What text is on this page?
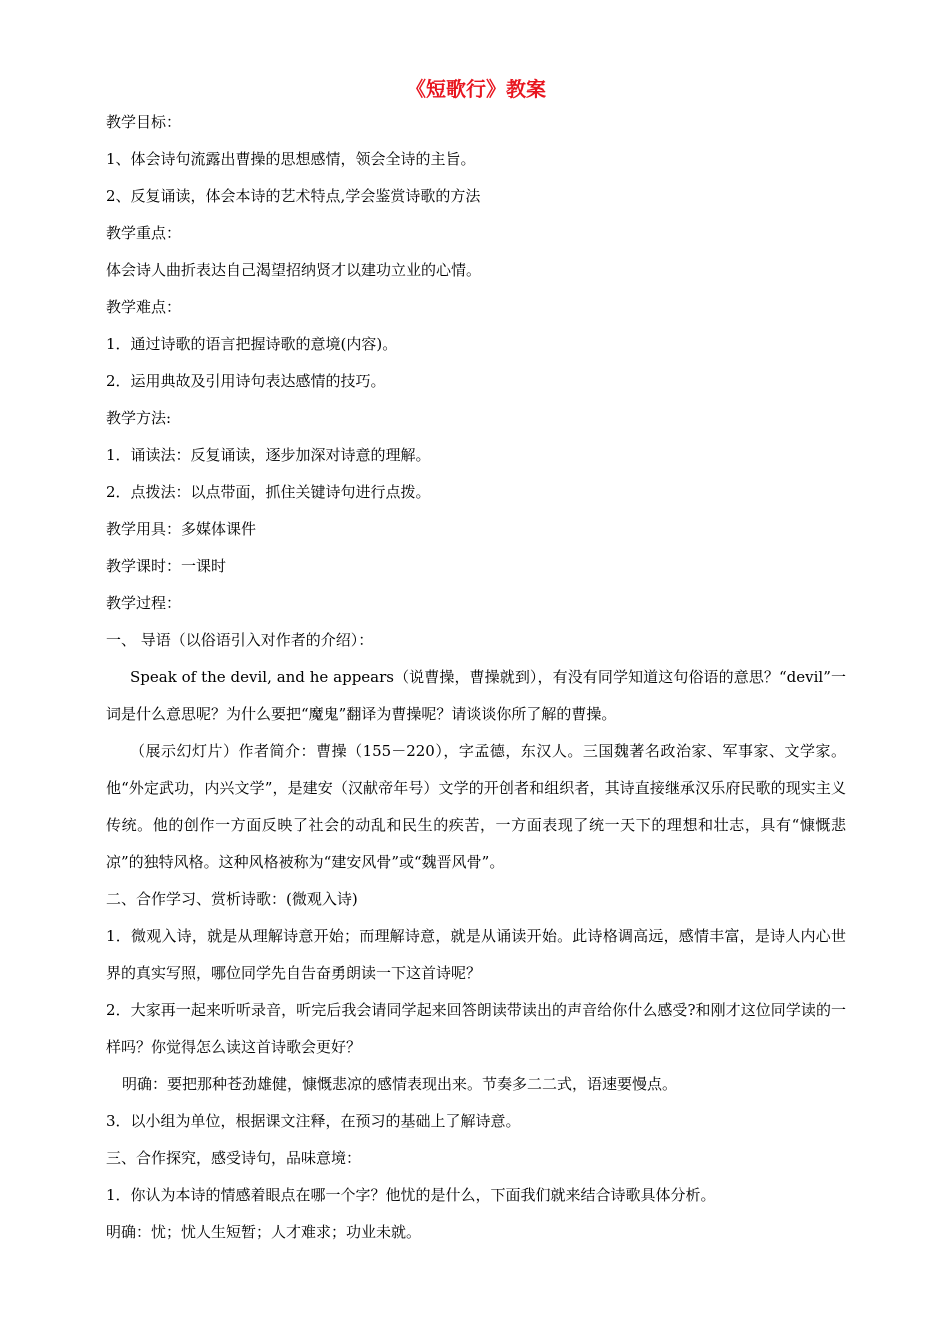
《短歌行》教案

教学目标：

1、体会诗句流露出曹操的思想感情，领会全诗的主旨。

2、反复诵读，体会本诗的艺术特点,学会鉴赏诗歌的方法

教学重点：

体会诗人曲折表达自己渴望招纳贤才以建功立业的心情。

教学难点：

1．通过诗歌的语言把握诗歌的意境(内容)。

2．运用典故及引用诗句表达感情的技巧。

教学方法:

1．诵读法：反复诵读，逐步加深对诗意的理解。

2．点拨法：以点带面，抓住关键诗句进行点拨。

教学用具：多媒体课件

教学课时：一课时

教学过程：

一、 导语（以俗语引入对作者的介绍）：

Speak of the devil, and he appears（说曹操，曹操就到），有没有同学知道这句俗语的意思？“devil”一词是什么意思呢？为什么要把“魔鬼”翻译为曹操呢？请谈谈你所了解的曹操。

（展示幻灯片）作者简介：曹操（155－220），字孟德，东汉人。三国魏著名政治家、军事家、文学家。他“外定武功，内兴文学”，是建安（汉献帝年号）文学的开创者和组织者，其诗直接继承汉乐府民歌的现实主义传统。他的创作一方面反映了社会的动乱和民生的疾苦，一方面表现了统一天下的理想和壮志，具有“慷慨悲凉”的独特风格。这种风格被称为“建安风骨”或“魏晋风骨”。

二、合作学习、赏析诗歌：(微观入诗)

1．微观入诗，就是从理解诗意开始；而理解诗意，就是从诵读开始。此诗格调高远，感情丰富，是诗人内心世界的真实写照，哪位同学先自告奋勇朗读一下这首诗呢？

2．大家再一起来听听录音，听完后我会请同学起来回答朗读带读出的声音给你什么感受?和刚才这位同学读的一样吗？你觉得怎么读这首诗歌会更好？

明确：要把那种苍劲雄健，慷慨悲凉的感情表现出来。节奏多二二式，语速要慢点。

3．以小组为单位，根据课文注释，在预习的基础上了解诗意。

三、合作探究，感受诗句，品味意境：

1．你认为本诗的情感着眼点在哪一个字？他忧的是什么，下面我们就来结合诗歌具体分析。

明确：忧；忧人生短暂；人才难求；功业未就。
